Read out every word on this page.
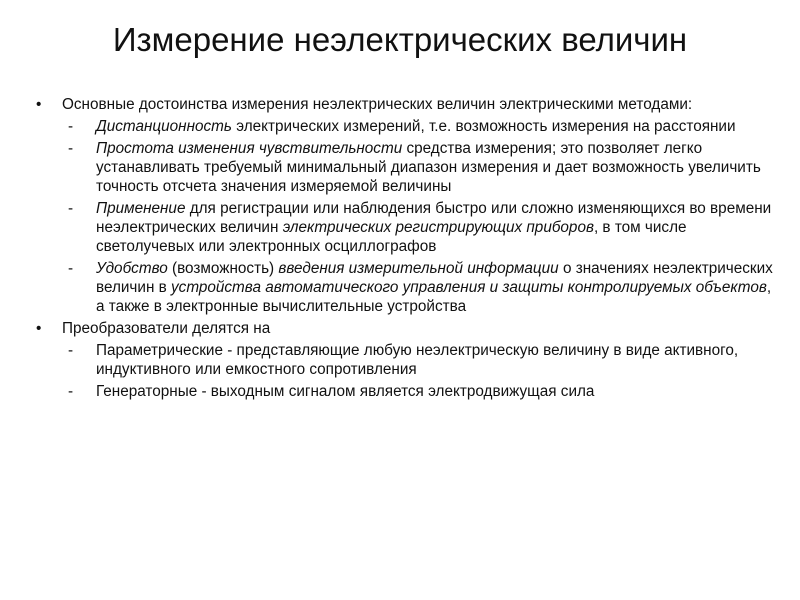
Измерение неэлектрических величин
•	Основные достоинства измерения неэлектрических величин электрическими методами:
- Дистанционность электрических измерений, т.е. возможность измерения на расстоянии
- Простота изменения чувствительности средства измерения; это позволяет легко устанавливать требуемый минимальный диапазон измерения и дает возможность увеличить точность отсчета значения измеряемой величины
- Применение для регистрации или наблюдения быстро или сложно изменяющихся во времени неэлектрических величин электрических регистрирующих приборов, в том числе светолучевых или электронных осциллографов
- Удобство (возможность) введения измерительной информации о значениях неэлектрических величин в устройства автоматического управления и защиты контролируемых объектов, а также в электронные вычислительные устройства
•	Преобразователи делятся на
- Параметрические - представляющие любую неэлектрическую величину в виде активного, индуктивного или емкостного сопротивления
- Генераторные - выходным сигналом является электродвижущая сила
